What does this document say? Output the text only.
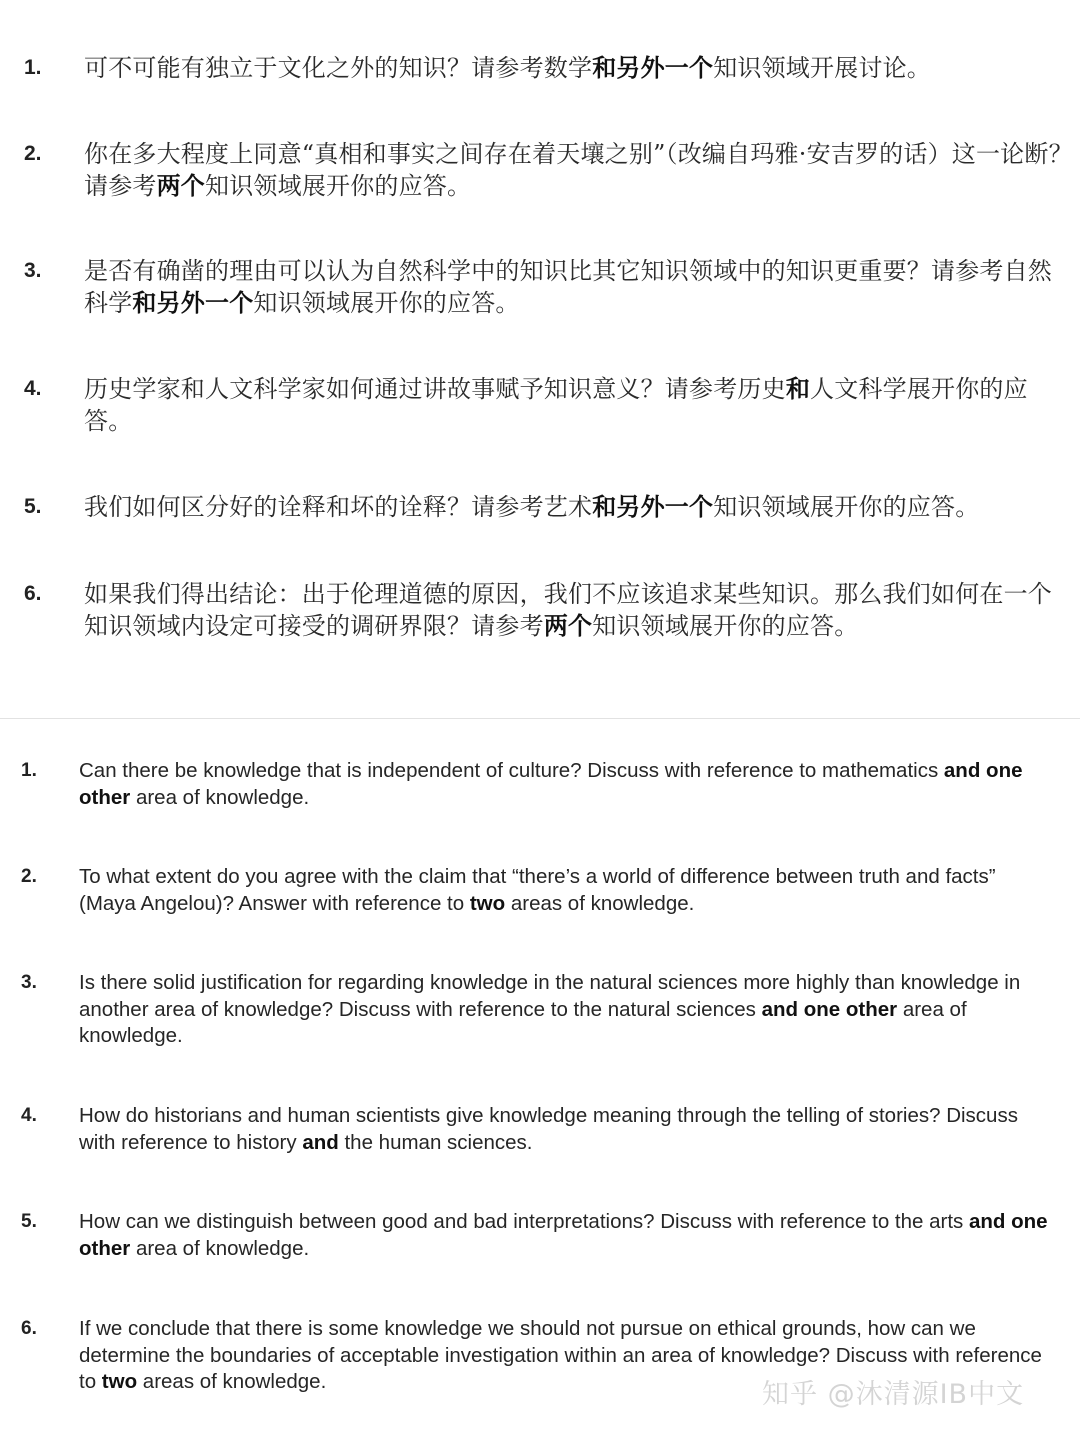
1. 可不可能有独立于文化之外的知识？请参考数学和另外一个知识领域开展讨论。
2. 你在多大程度上同意“真相和事实之间存在着天壤之别”（改编自玛雅·安吉罗的话）这一论断？请参考两个知识领域展开你的应答。
3. 是否有确凿的理由可以认为自然科学中的知识比其它知识领域中的知识更重要？请参考自然科学和另外一个知识领域展开你的应答。
4. 历史学家和人文科学家如何通过讲故事赋予知识意义？请参考历史和人文科学展开你的应答。
5. 我们如何区分好的诠释和坏的诠释？请参考艺术和另外一个知识领域展开你的应答。
6. 如果我们得出结论：出于伦理道德的原因，我们不应该追求某些知识。那么我们如何在一个知识领域内设定可接受的调研界限？请参考两个知识领域展开你的应答。
1. Can there be knowledge that is independent of culture? Discuss with reference to mathematics and one other area of knowledge.
2. To what extent do you agree with the claim that “there’s a world of difference between truth and facts” (Maya Angelou)? Answer with reference to two areas of knowledge.
3. Is there solid justification for regarding knowledge in the natural sciences more highly than knowledge in another area of knowledge? Discuss with reference to the natural sciences and one other area of knowledge.
4. How do historians and human scientists give knowledge meaning through the telling of stories? Discuss with reference to history and the human sciences.
5. How can we distinguish between good and bad interpretations? Discuss with reference to the arts and one other area of knowledge.
6. If we conclude that there is some knowledge we should not pursue on ethical grounds, how can we determine the boundaries of acceptable investigation within an area of knowledge? Discuss with reference to two areas of knowledge.	知乎 @沐清源IB中文
